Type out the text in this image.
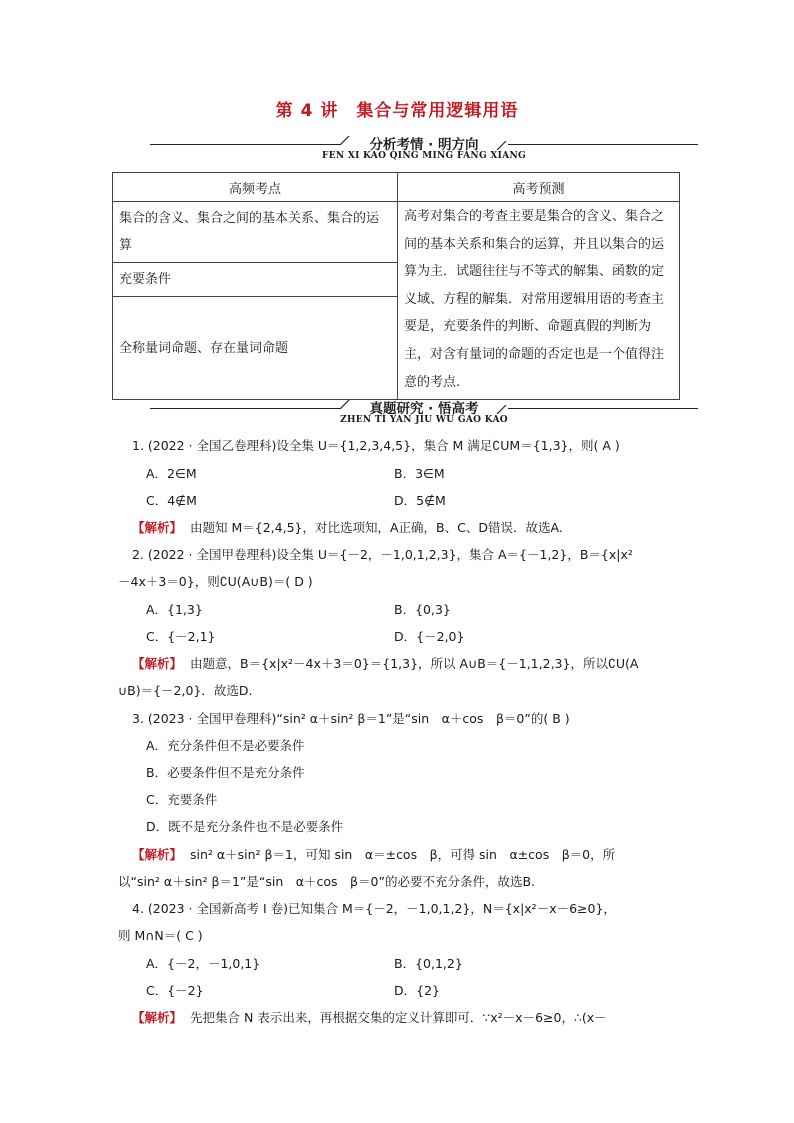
第 4 讲　集合与常用逻辑用语
分析考情 · 明方向
FEN XI KAO QING MING FANG XIANG
高频考点	高考预测
集合的含义、集合之间的基本关系、集合的运算	高考对集合的考查主要是集合的含义、集合之间的基本关系和集合的运算，并且以集合的运算为主．试题往往与不等式的解集、函数的定义域、方程的解集．对常用逻辑用语的考查主要是，充要条件的判断、命题真假的判断为主，对含有量词的命题的否定也是一个值得注意的考点.
充要条件	
全称量词命题、存在量词命题	
真题研究 · 悟高考
ZHEN TI YAN JIU WU GAO KAO
1. (2022 · 全国乙卷理科)设全集 U＝{1,2,3,4,5}，集合 M 满足∁UM＝{1,3}，则( A )
A．2∈M	B．3∈M
C．4∉M	D．5∉M
【解析】 由题知 M＝{2,4,5}，对比选项知，A正确，B、C、D错误．故选A.
2. (2022 · 全国甲卷理科)设全集 U＝{－2，－1,0,1,2,3}，集合 A＝{－1,2}，B＝{x|x²
－4x＋3＝0}，则∁U(A∪B)＝( D )
A．{1,3}	B．{0,3}
C．{－2,1}	D．{－2,0}
【解析】 由题意，B＝{x|x²－4x＋3＝0}＝{1,3}，所以 A∪B＝{－1,1,2,3}，所以∁U(A
∪B)＝{－2,0}．故选D.
3. (2023 · 全国甲卷理科)“sin² α＋sin² β＝1”是“sin　α＋cos　β＝0”的( B )
A．充分条件但不是必要条件
B．必要条件但不是充分条件
C．充要条件
D．既不是充分条件也不是必要条件
【解析】 sin² α＋sin² β＝1，可知 sin　α＝±cos　β，可得 sin　α±cos　β＝0，所
以“sin² α＋sin² β＝1”是“sin　α＋cos　β＝0”的必要不充分条件，故选B.
4. (2023 · 全国新高考 Ⅰ 卷)已知集合 M＝{－2，－1,0,1,2}，N＝{x|x²－x－6≥0}，
则 M∩N＝( C )
A．{－2，－1,0,1}	B．{0,1,2}
C．{－2}	D．{2}
【解析】 先把集合 N 表示出来，再根据交集的定义计算即可．∵x²－x－6≥0，∴(x－
